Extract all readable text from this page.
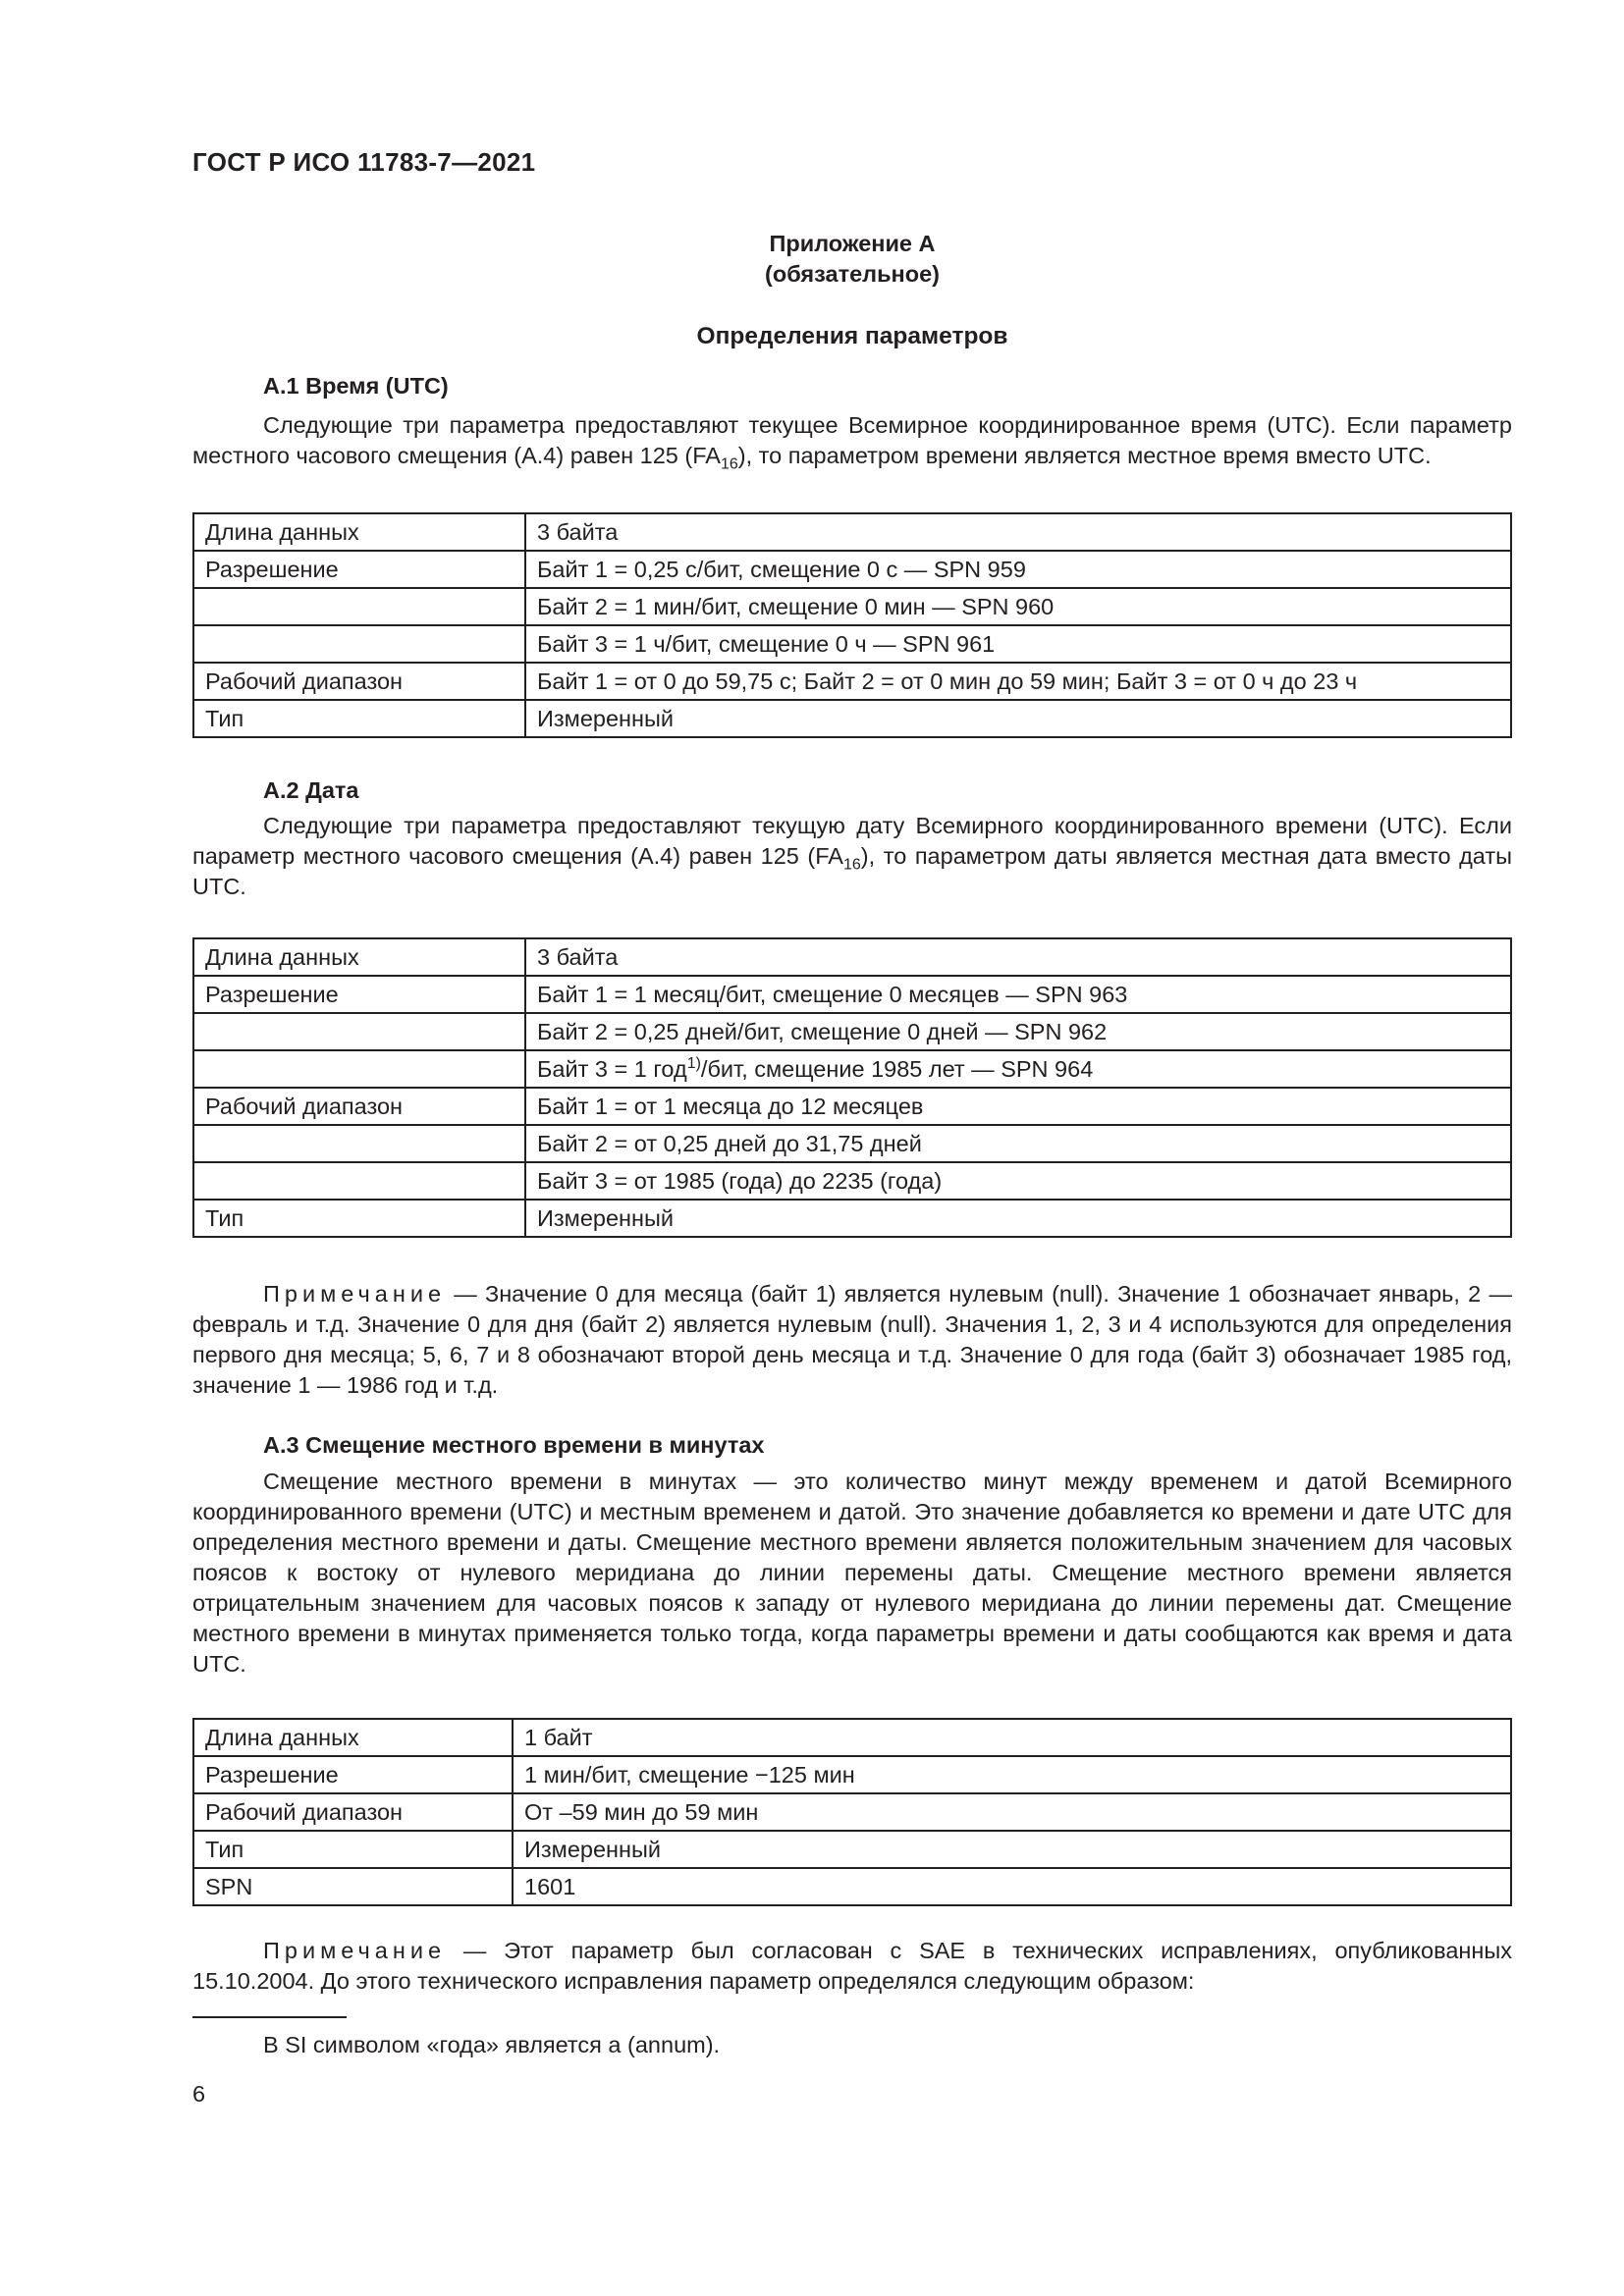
ГОСТ Р ИСО 11783-7—2021
Приложение А
(обязательное)
Определения параметров
А.1 Время (UTC)
Следующие три параметра предоставляют текущее Всемирное координированное время (UTC). Если параметр местного часового смещения (А.4) равен 125 $(FA_{16})$, то параметром времени является местное время вместо UTC.
Длина данных	3 байта
Разрешение	Байт 1 = 0,25 с/бит, смещение 0 с — SPN 959
	Байт 2 = 1 мин/бит, смещение 0 мин — SPN 960
	Байт 3 = 1 ч/бит, смещение 0 ч — SPN 961
Рабочий диапазон	Байт 1 = от 0 до 59,75 с; Байт 2 = от 0 мин до 59 мин; Байт 3 = от 0 ч до 23 ч
Тип	Измеренный
А.2 Дата
Следующие три параметра предоставляют текущую дату Всемирного координированного времени (UTC). Если параметр местного часового смещения (А.4) равен 125 $(FA_{16})$, то параметром даты является местная дата вместо даты UTC.
Длина данных	3 байта
Разрешение	Байт 1 = 1 месяц/бит, смещение 0 месяцев — SPN 963
	Байт 2 = 0,25 дней/бит, смещение 0 дней — SPN 962
	Байт 3 = 1 год$^{1)}$/бит, смещение 1985 лет — SPN 964
Рабочий диапазон	Байт 1 = от 1 месяца до 12 месяцев
	Байт 2 = от 0,25 дней до 31,75 дней
	Байт 3 = от 1985 (года) до 2235 (года)
Тип	Измеренный
Примечание — Значение 0 для месяца (байт 1) является нулевым (null). Значение 1 обозначает январь, 2 — февраль и т.д. Значение 0 для дня (байт 2) является нулевым (null). Значения 1, 2, 3 и 4 используются для определения первого дня месяца; 5, 6, 7 и 8 обозначают второй день месяца и т.д. Значение 0 для года (байт 3) обозначает 1985 год, значение 1 — 1986 год и т.д.
А.3 Смещение местного времени в минутах
Смещение местного времени в минутах — это количество минут между временем и датой Всемирного координированного времени (UTC) и местным временем и датой. Это значение добавляется ко времени и дате UTC для определения местного времени и даты. Смещение местного времени является положительным значением для часовых поясов к востоку от нулевого меридиана до линии перемены даты. Смещение местного времени является отрицательным значением для часовых поясов к западу от нулевого меридиана до линии перемены дат. Смещение местного времени в минутах применяется только тогда, когда параметры времени и даты сообщаются как время и дата UTC.
Длина данных	1 байт
Разрешение	1 мин/бит, смещение −125 мин
Рабочий диапазон	От –59 мин до 59 мин
Тип	Измеренный
SPN	1601
Примечание — Этот параметр был согласован с SAE в технических исправлениях, опубликованных 15.10.2004. До этого технического исправления параметр определялся следующим образом:
В SI символом «года» является а (annum).
6
